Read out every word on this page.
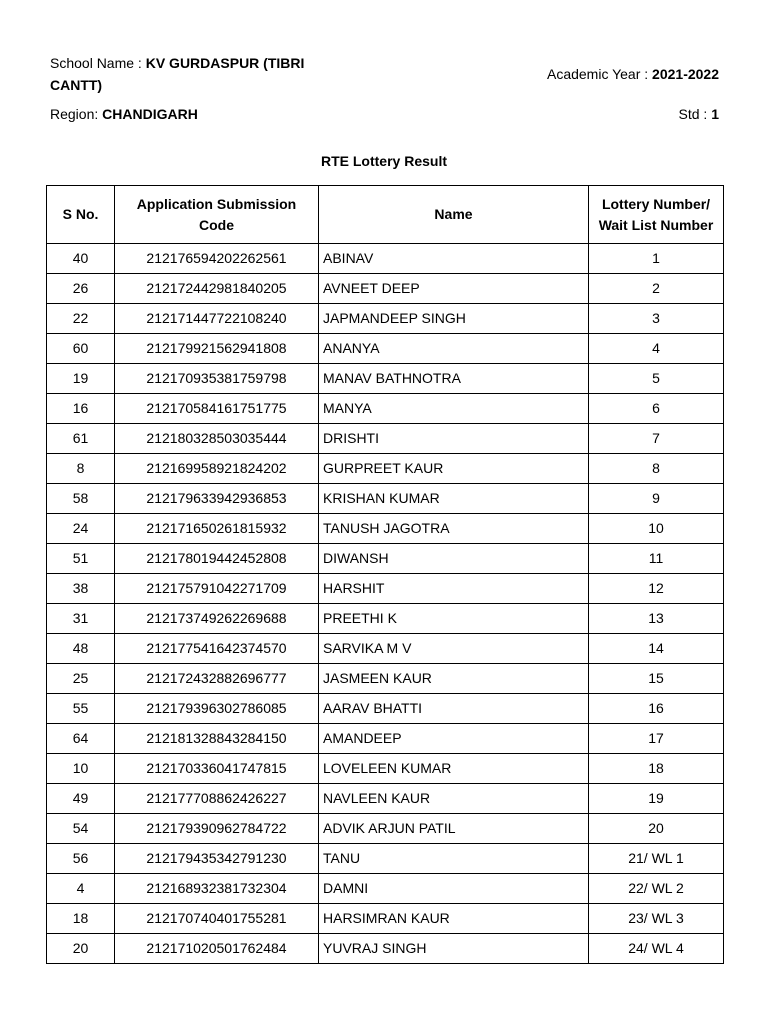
School Name : KV GURDASPUR (TIBRI CANTT)
Academic Year : 2021-2022
Region: CHANDIGARH	Std : 1
RTE Lottery Result
S No.	Application Submission Code	Name	Lottery Number/ Wait List Number
40	212176594202262561	ABINAV	1
26	212172442981840205	AVNEET DEEP	2
22	212171447722108240	JAPMANDEEP SINGH	3
60	212179921562941808	ANANYA	4
19	212170935381759798	MANAV BATHNOTRA	5
16	212170584161751775	MANYA	6
61	212180328503035444	DRISHTI	7
8	212169958921824202	GURPREET KAUR	8
58	212179633942936853	KRISHAN KUMAR	9
24	212171650261815932	TANUSH JAGOTRA	10
51	212178019442452808	DIWANSH	11
38	212175791042271709	HARSHIT	12
31	212173749262269688	PREETHI K	13
48	212177541642374570	SARVIKA M V	14
25	212172432882696777	JASMEEN KAUR	15
55	212179396302786085	AARAV BHATTI	16
64	212181328843284150	AMANDEEP	17
10	212170336041747815	LOVELEEN KUMAR	18
49	212177708862426227	NAVLEEN KAUR	19
54	212179390962784722	ADVIK ARJUN PATIL	20
56	212179435342791230	TANU	21/ WL 1
4	212168932381732304	DAMNI	22/ WL 2
18	212170740401755281	HARSIMRAN KAUR	23/ WL 3
20	212171020501762484	YUVRAJ SINGH	24/ WL 4
